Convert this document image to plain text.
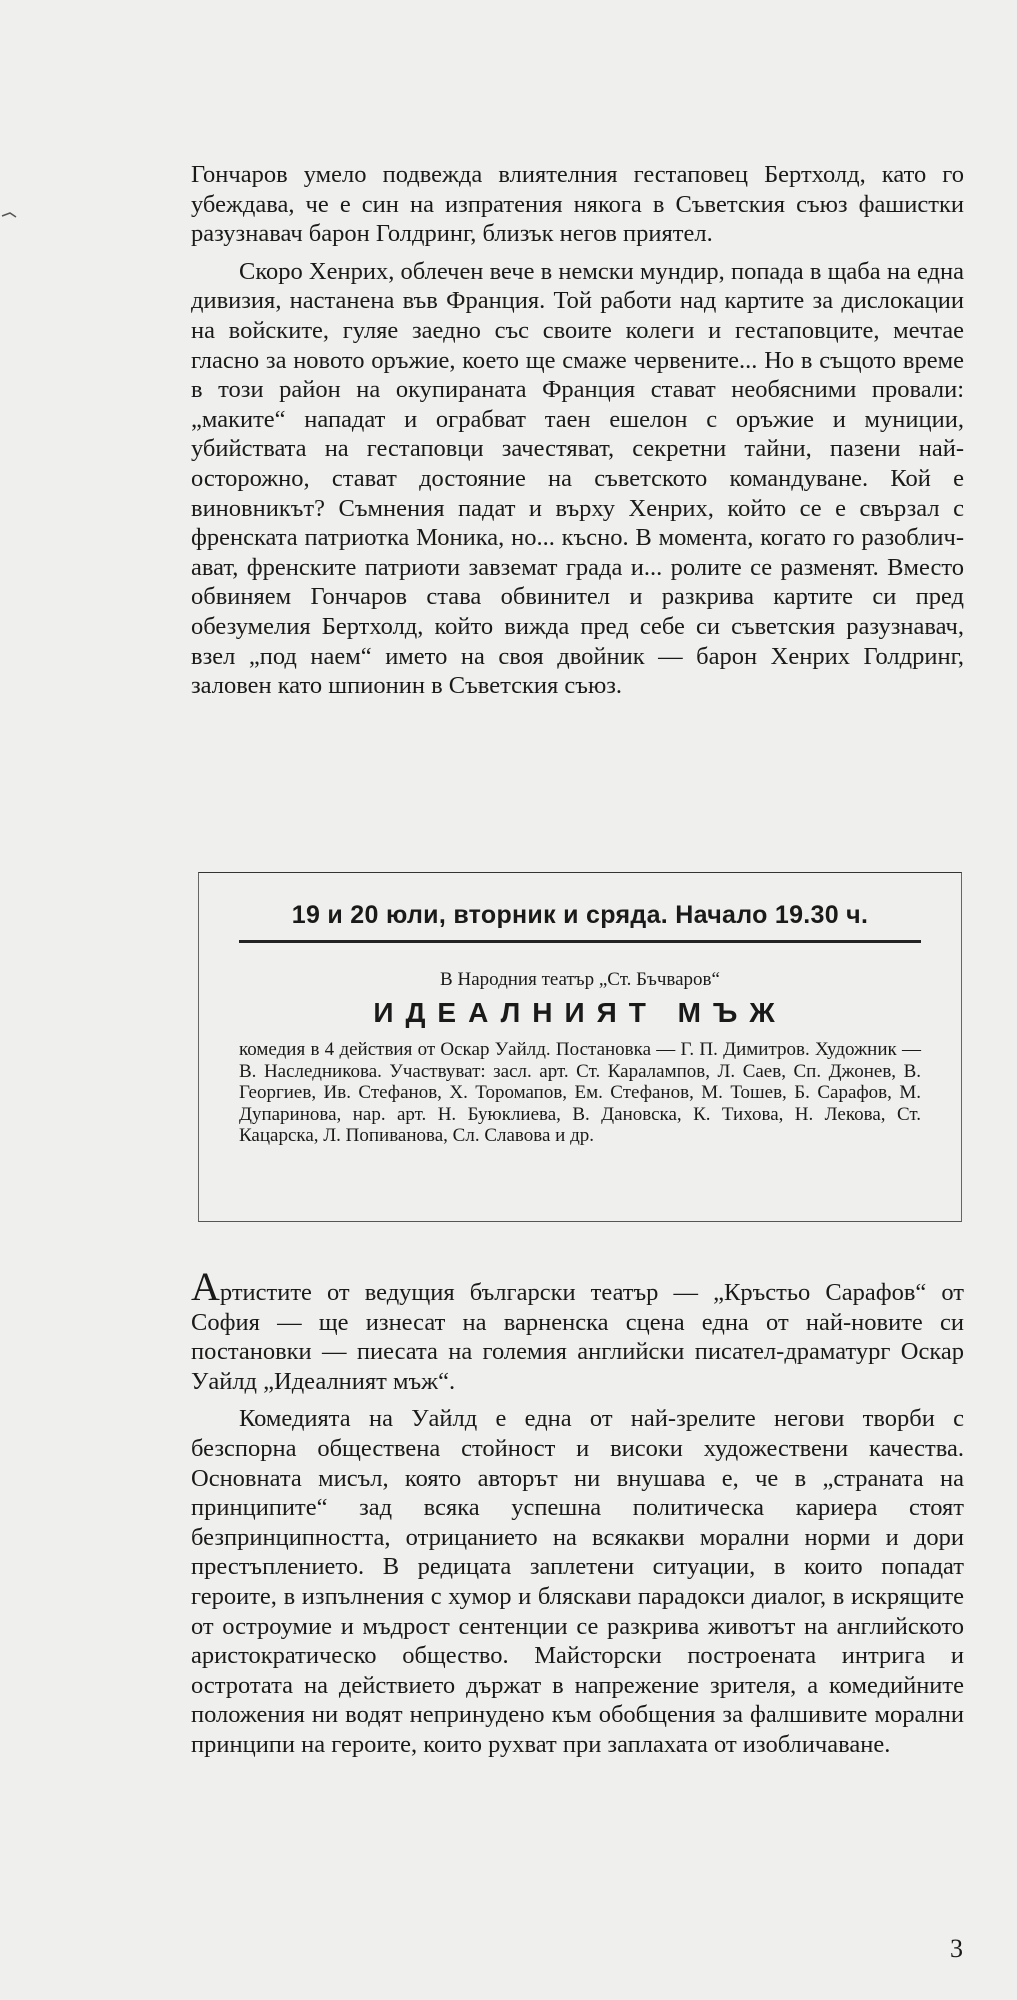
Гончаров умело подвежда влиятелния гестаповец Бертхолд, като го убеждава, че е син на изпратения някога в Съветския съюз фашистки разузнавач барон Голдринг, близък негов приятел.

Скоро Хенрих, облечен вече в немски мундир, попада в щаба на една дивизия, настанена във Франция. Той работи над картите за дислокации на войските, гуляе заедно със своите колеги и гестаповците, мечтае гласно за новото оръжие, което ще смаже червените... Но в същото време в този район на окупираната Франция стават необясними провали: „макитe“ нападат и ограбват таен ешелон с оръжие и муниции, убийствата на гестаповци зачестяват, секретни тайни, пазени най-осторожно, стават достояние на съветското командуване. Кой е виновникът? Съмнения падат и върху Хенрих, който се е свързал с френската патриотка Моника, но... късно. В момента, когато го разобличават, френските патриоти завземат града и... ролите се разменят. Вместо обвиняем Гончаров става обвинител и разкрива картите си пред обезумелия Бертхолд, който вижда пред себе си съветския разузнавач, взел „под наем“ името на своя двойник — барон Хенрих Голдринг, заловен като шпионин в Съветския съюз.

19 и 20 юли, вторник и сряда. Начало 19.30 ч.
В Народния театър „Ст. Бъчваров“
ИДЕАЛНИЯТ МЪЖ

комедия в 4 действия от Оскар Уайлд. Постановка — Г. П. Димитров. Художник — В. Наследникова. Участвуват: засл. арт. Ст. Каралампов, Л. Саев, Сп. Джонев, В. Георгиев, Ив. Стефанов, Х. Торомапов, Ем. Стефанов, М. Тошев, Б. Сарафов, М. Дупаринова, нар. арт. Н. Буюклиева, В. Дановска, К. Тихова, Н. Лекова, Ст. Кацарска, Л. Попиванова, Сл. Славова и др.

Артистите от ведущия български театър — „Кръстьо Сарафов“ от София — ще изнесат на варненска сцена една от най-новите си постановки — пиесата на големия английски писател-драматург Оскар Уайлд „Идеалният мъж“.

Комедията на Уайлд е една от най-зрелите негови творби с безспорна обществена стойност и високи художествени качества. Основната мисъл, която авторът ни внушава е, че в „страната на принципите“ зад всяка успешна политическа кариера стоят безпринципността, отрицанието на всякакви морални норми и дори престъплението. В редицата заплетени ситуации, в които попадат героите, в изпълнения с хумор и бляскави парадокси диалог, в искрящите от остроумие и мъдрост сентенции се разкрива животът на английското аристократическо общество. Майсторски построената интрига и остротата на действието държат в напрежение зрителя, а комедийните положения ни водят непринудено към обобщения за фалшивите морални принципи на героите, които рухват при заплахата от изобличаване.

3
